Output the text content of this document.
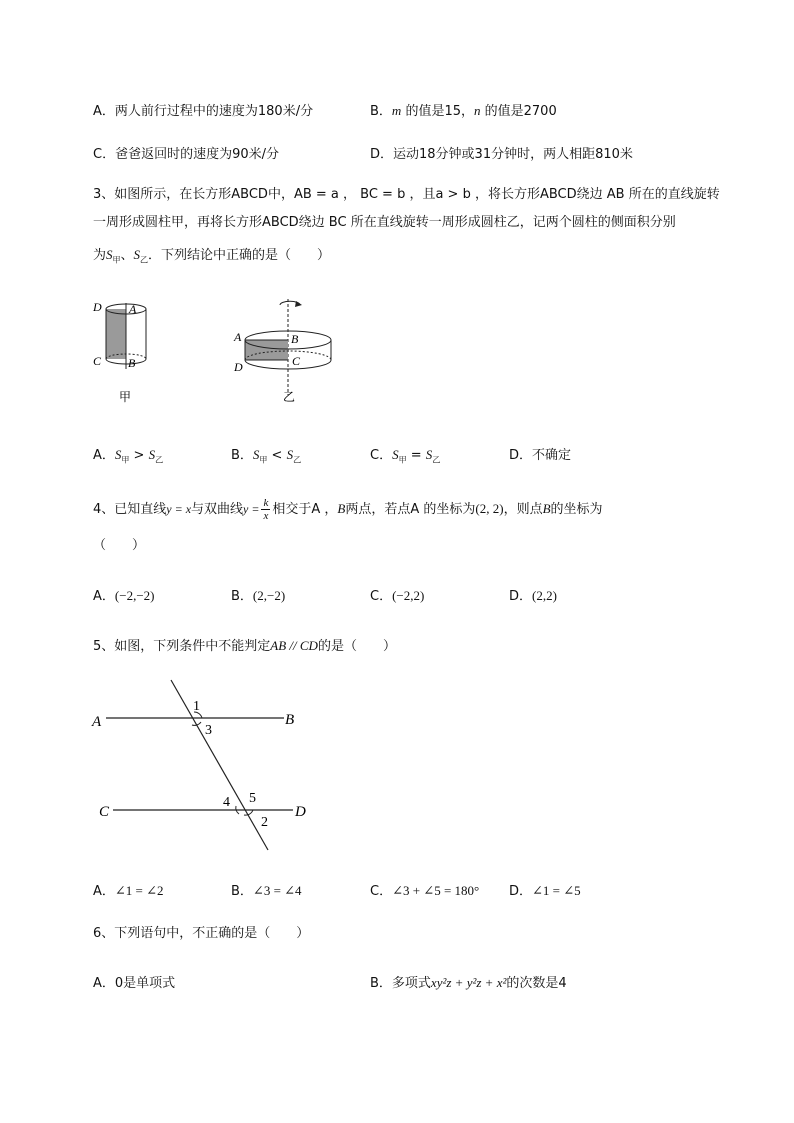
A．两人前行过程中的速度为180米/分	B．m 的值是15，n 的值是2700
C．爸爸返回时的速度为90米/分	D．运动18分钟或31分钟时，两人相距810米
3、如图所示，在长方形ABCD中，AB = a ， BC = b ，且a > b ，将长方形ABCD绕边 AB 所在的直线旋转
一周形成圆柱甲，再将长方形ABCD绕边 BC 所在直线旋转一周形成圆柱乙，记两个圆柱的侧面积分别
为$S_甲$、$S_乙$．下列结论中正确的是（　　）
D A
C B
甲
A	B
C
D
乙
A．$S_甲 > S_乙$	B．$S_甲 < S_乙$	C．$S_甲 = S_乙$	D．不确定
4、已知直线y = x与双曲线$y = \frac{k}{x}$ 相交于A ，B两点，若点A 的坐标为(2, 2)，则点B的坐标为
（　　）
A．(−2,−2)	B．(2,−2)	C．(−2,2)	D．(2,2)
5、如图，下列条件中不能判定AB // CD的是（　　）
A	B
C	D
1
3
4 5
2
A．∠1 = ∠2	B．∠3 = ∠4	C．∠3 + ∠5 = 180° D．∠1 = ∠5
6、下列语句中，不正确的是（　　）
A．0是单项式	B．多项式xy²z + y²z + x²的次数是4
